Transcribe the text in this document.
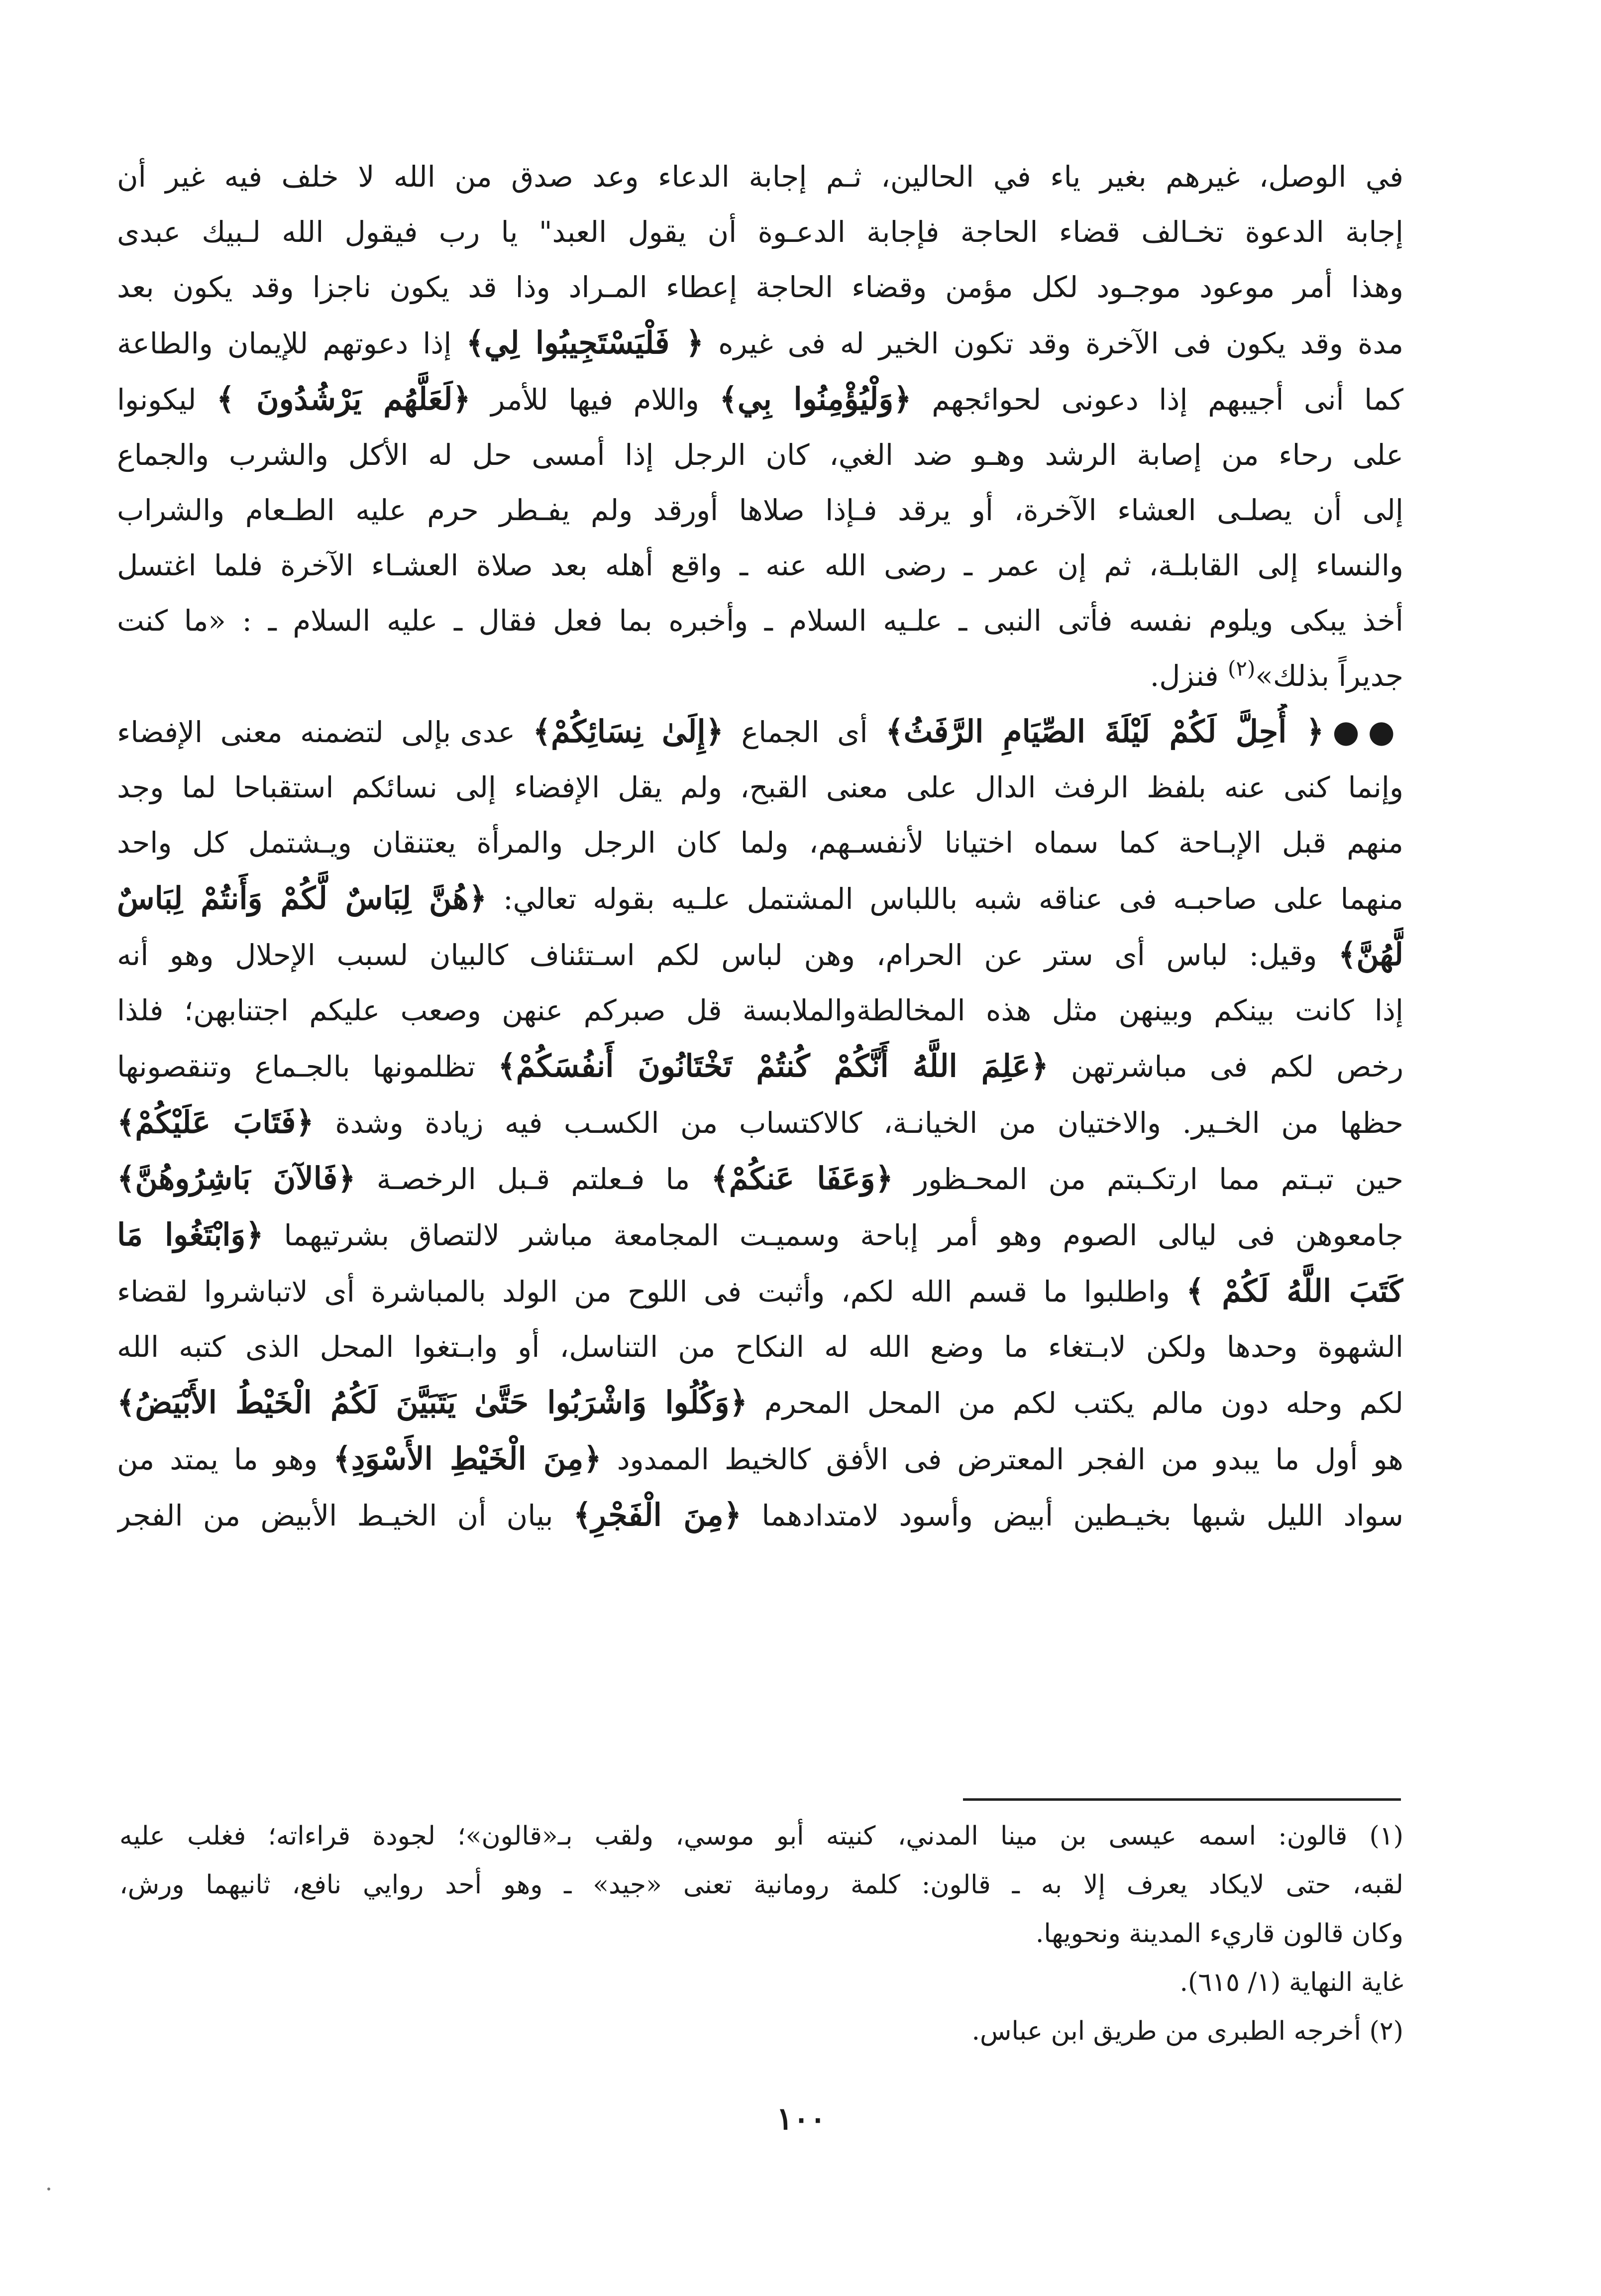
في الوصل، غيرهم بغير ياء في الحالين، ثـم إجابة الدعاء وعد صدق من الله لا خلف فيه غير أن
إجابة الدعوة تخـالف قضاء الحاجة فإجابة الدعـوة أن يقول العبد" يا رب فيقول الله لـبيك عبدى
وهذا أمر موعود موجـود لكل مؤمن وقضاء الحاجة إعطاء المـراد وذا قد يكون ناجزا وقد يكون بعد
مدة وقد يكون فى الآخرة وقد تكون الخير له فى غيره ﴿ فَلْيَسْتَجِيبُوا لِي﴾ إذا دعوتهم للإيمان والطاعة
كما أنى أجيبهم إذا دعونى لحوائجهم ﴿وَلْيُؤْمِنُوا بِي﴾ واللام فيها للأمر ﴿لَعَلَّهُم يَرْشُدُونَ ﴾ ليكونوا
على رحاء من إصابة الرشد وهـو ضد الغي، كان الرجل إذا أمسى حل له الأكل والشرب والجماع
إلى أن يصلـى العشاء الآخرة، أو يرقد فـإذا صلاها أورقد ولم يفـطر حرم عليه الطـعام والشراب
والنساء إلى القابلـة، ثم إن عمر ـ رضى الله عنه ـ واقع أهله بعد صلاة العشـاء الآخرة فلما اغتسل
أخذ يبكى ويلوم نفسه فأتى النبى ـ علـيه السلام ـ وأخبره بما فعل فقال ـ عليه السلام ـ : «ما كنت
جديراً بذلك»$^{(٢)}$ فنزل.
●●﴿ أُحِلَّ لَكُمْ لَيْلَةَ الصِّيَامِ الرَّفَثُ﴾ أى الجماع ﴿إِلَىٰ نِسَائِكُمْ﴾ عدى بإلى لتضمنه معنى الإفضاء
وإنما كنى عنه بلفظ الرفث الدال على معنى القبح، ولم يقل الإفضاء إلى نسائكم استقباحا لما وجد
منهم قبل الإبـاحة كما سماه اختيانا لأنفسـهم، ولما كان الرجل والمرأة يعتنقان ويـشتمل كل واحد
منهما على صاحبـه فى عناقه شبه باللباس المشتمل علـيه بقوله تعالي: ﴿هُنَّ لِبَاسٌ لَّكُمْ وَأَنتُمْ لِبَاسٌ
لَّهُنَّ﴾ وقيل: لباس أى ستر عن الحرام، وهن لباس لكم اسـتئناف كالبيان لسبب الإحلال وهو أنه
إذا كانت بينكم وبينهن مثل هذه المخالطةوالملابسة قل صبركم عنهن وصعب عليكم اجتنابهن؛ فلذا
رخص لكم فى مباشرتهن ﴿عَلِمَ اللَّهُ أَنَّكُمْ كُنتُمْ تَخْتَانُونَ أَنفُسَكُمْ﴾ تظلمونها بالجـماع وتنقصونها
حظها من الخـير. والاختيان من الخيانـة، كالاكتساب من الكسـب فيه زيادة وشدة ﴿فَتَابَ عَلَيْكُمْ﴾
حين تبـتم مما ارتكـبتم من المحـظور ﴿وَعَفَا عَنكُمْ﴾ ما فـعلتم قـبل الرخصـة ﴿فَالآنَ بَاشِرُوهُنَّ﴾
جامعوهن فى ليالى الصوم وهو أمر إباحة وسميـت المجامعة مباشر لالتصاق بشرتيهما ﴿وَابْتَغُوا مَا
كَتَبَ اللَّهُ لَكُمْ ﴾ واطلبوا ما قسم الله لكم، وأثبت فى اللوح من الولد بالمباشرة أى لاتباشروا لقضاء
الشهوة وحدها ولكن لابـتغاء ما وضع الله له النكاح من التناسل، أو وابـتغوا المحل الذى كتبه الله
لكم وحله دون مالم يكتب لكم من المحل المحرم ﴿وَكُلُوا وَاشْرَبُوا حَتَّىٰ يَتَبَيَّنَ لَكُمُ الْخَيْطُ الأَبْيَضُ﴾
هو أول ما يبدو من الفجر المعترض فى الأفق كالخيط الممدود ﴿مِنَ الْخَيْطِ الأَسْوَدِ﴾ وهو ما يمتد من
سواد الليل شبها بخيـطين أبيض وأسود لامتدادهما ﴿مِنَ الْفَجْرِ﴾ بيان أن الخيـط الأبيض من الفجر
(١) قالون: اسمه عيسى بن مينا المدني، كنيته أبو موسي، ولقب بـ«قالون»؛ لجودة قراءاته؛ فغلب عليه
لقبه، حتى لايكاد يعرف إلا به ـ قالون: كلمة رومانية تعنى «جيد» ـ وهو أحد روايي نافع، ثانيهما ورش،
وكان قالون قاريء المدينة ونحويها.
غاية النهاية (١/ ٦١٥).
(٢) أخرجه الطبرى من طريق ابن عباس.
١٠٠
